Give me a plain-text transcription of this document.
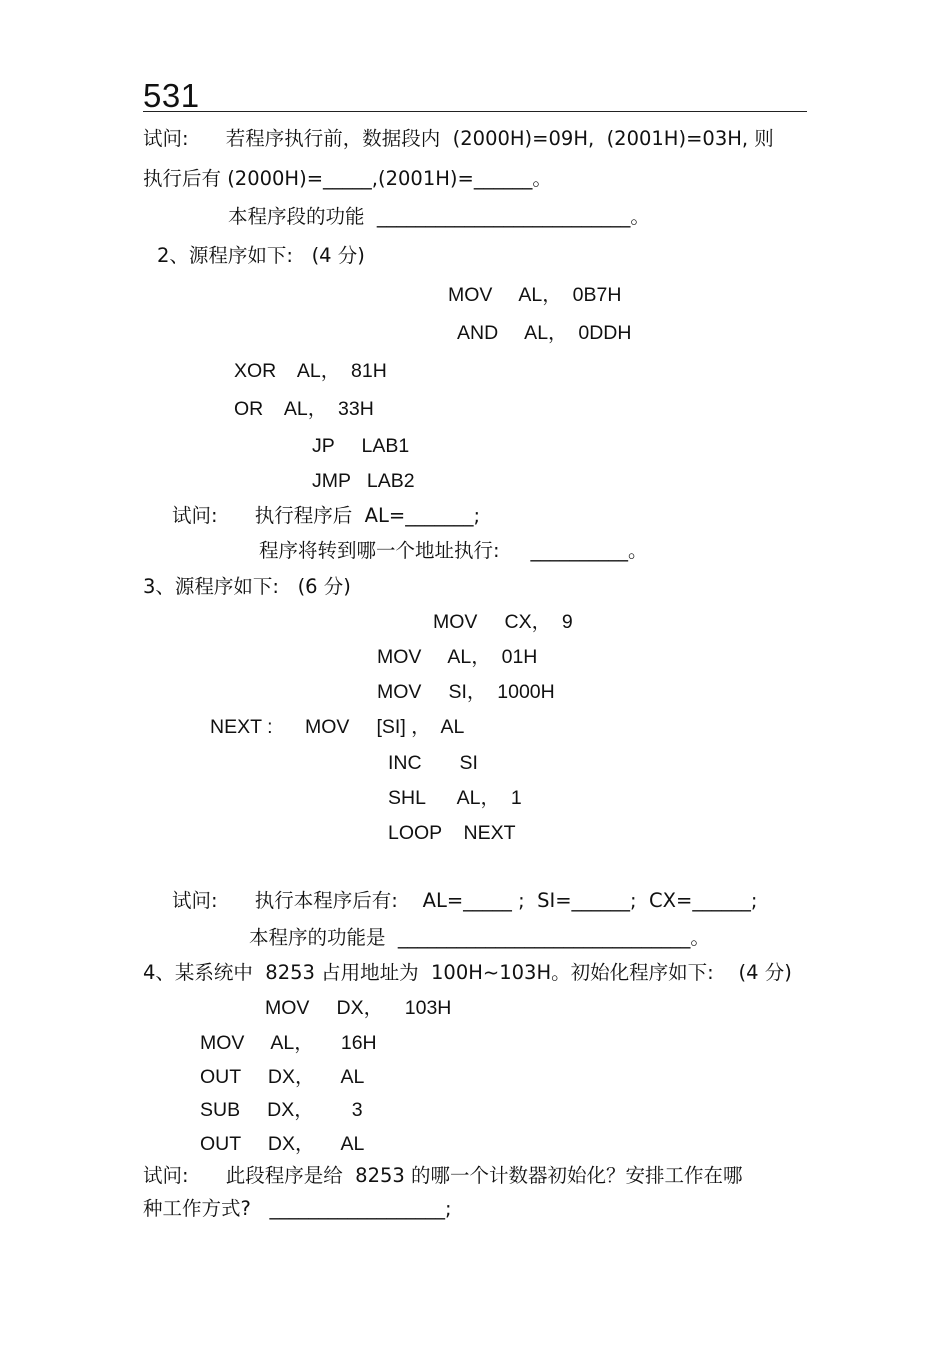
531
试问:      若程序执行前，数据段内  (2000H)=09H,  (2001H)=03H, 则
执行后有 (2000H)=_____,(2001H)=______。
本程序段的功能  __________________________。
2、源程序如下:   (4 分)
MOV     AL，  0B7H
AND     AL，  0DDH
XOR    AL，  81H
OR    AL，  33H
JP     LAB1
JMP   LAB2
试问:      执行程序后  AL=_______;
程序将转到哪一个地址执行:     __________。
3、源程序如下:   (6 分)
MOV     CX，  9
MOV     AL，  01H
MOV     SI，  1000H
NEXT :      MOV     [SI] ，  AL
INC       SI
SHL      AL，  1
LOOP    NEXT
试问:      执行本程序后有:    AL=_____ ;  SI=______;  CX=______;
本程序的功能是  ______________________________。
4、某系统中  8253 占用地址为  100H~103H。初始化程序如下:    (4 分)
MOV     DX，    103H
MOV     AL，     16H
OUT     DX，     AL
SUB     DX，       3
OUT     DX，     AL
试问:      此段程序是给  8253 的哪一个计数器初始化？安排工作在哪
种工作方式?   __________________;
